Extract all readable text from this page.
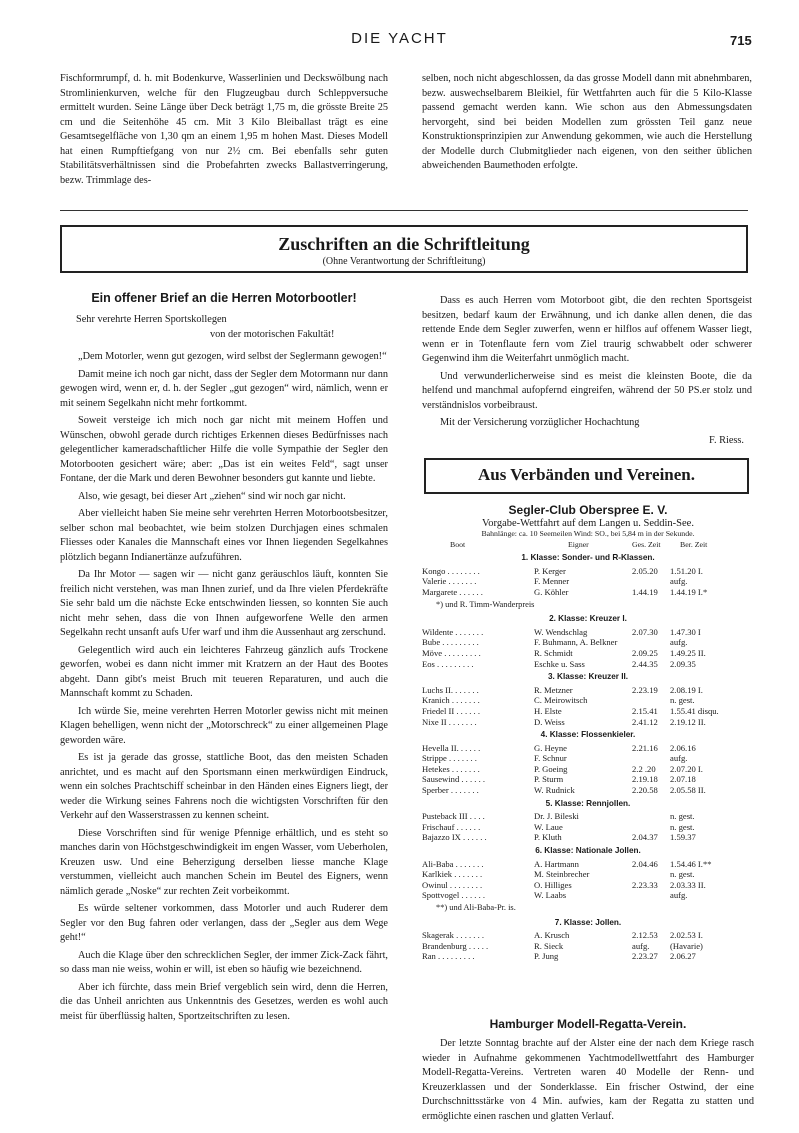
DIE YACHT	715

Fischformrumpf, d. h. mit Bodenkurve, Wasserlinien und Deckswölbung nach Stromlinienkurven, welche für den Flugzeugbau durch Schleppversuche ermittelt wurden. Seine Länge über Deck beträgt 1,75 m, die grösste Breite 25 cm und die Seitenhöhe 45 cm. Mit 3 Kilo Bleiballast trägt es eine Gesamtsegelfläche von 1,30 qm an einem 1,95 m hohen Mast. Dieses Modell hat einen Rumpftiefgang von nur 2½ cm. Bei ebenfalls sehr guten Stabilitätsverhältnissen sind die Probefahrten zwecks Ballastverringerung, bezw. Trimmlage des-

selben, noch nicht abgeschlossen, da das grosse Modell dann mit abnehmbaren, bezw. auswechselbarem Bleikiel, für Wettfahrten auch für die 5 Kilo-Klasse passend gemacht werden kann. Wie schon aus den Abmessungsdaten hervorgeht, sind bei beiden Modellen zum grössten Teil ganz neue Konstruktionsprinzipien zur Anwendung gekommen, wie auch die Herstellung der Modelle durch Clubmitglieder nach eigenen, von den seither üblichen abweichenden Baumethoden erfolgte.

Zuschriften an die Schriftleitung
(Ohne Verantwortung der Schriftleitung)
Ein offener Brief an die Herren Motorbootler!
Sehr verehrte Herren Sportskollegen
von der motorischen Fakultät!

„Dem Motorler, wenn gut gezogen, wird selbst der Seglermann gewogen!“

Damit meine ich noch gar nicht, dass der Segler dem Motormann nur dann gewogen wird, wenn er, d. h. der Segler „gut gezogen“ wird, nämlich, wenn er mit seinem Segelkahn nicht mehr fortkommt.

Soweit versteige ich mich noch gar nicht mit meinem Hoffen und Wünschen, obwohl gerade durch richtiges Erkennen dieses Bedürfnisses nach gelegentlicher kameradschaftlicher Hilfe die volle Sympathie der Segler den Motorbooten gesichert wäre; aber: „Das ist ein weites Feld“, sagt unser Fontane, der die Mark und deren Bewohner besonders gut kannte und liebte.

Also, wie gesagt, bei dieser Art „ziehen“ sind wir noch gar nicht.

Aber vielleicht haben Sie meine sehr verehrten Herren Motorbootsbesitzer, selber schon mal beobachtet, wie beim stolzen Durchjagen eines schmalen Fliesses oder Kanales die Mannschaft eines vor Ihnen liegenden Segelkahnes plötzlich begann Indianertänze aufzuführen.

Da Ihr Motor — sagen wir — nicht ganz geräuschlos läuft, konnten Sie freilich nicht verstehen, was man Ihnen zurief, und da Ihre vielen Pferdekräfte Sie sehr bald um die nächste Ecke entschwinden liessen, so konnten Sie auch nicht mehr sehen, dass die von Ihnen aufgeworfene Welle den armen Segelkahn recht unsanft aufs Ufer warf und ihm die Aussenhaut arg zerschund.

Gelegentlich wird auch ein leichteres Fahrzeug gänzlich aufs Trockene geworfen, wobei es dann nicht immer mit Kratzern an der Haut des Bootes abgeht. Dann gibt's meist Bruch mit teueren Reparaturen, und auch die Mannschaft kommt zu Schaden.

Ich würde Sie, meine verehrten Herren Motorler gewiss nicht mit meinen Klagen behelligen, wenn nicht der „Motorschreck“ zu einer allgemeinen Plage geworden wäre.

Es ist ja gerade das grosse, stattliche Boot, das den meisten Schaden anrichtet, und es macht auf den Sportsmann einen merkwürdigen Eindruck, wenn ein solches Prachtschiff scheinbar in den Händen eines Eigners liegt, der weder die Wirkung seines Fahrens noch die wichtigsten Vorschriften für den Verkehr auf den Wasserstrassen zu kennen scheint.

Diese Vorschriften sind für wenige Pfennige erhältlich, und es steht so manches darin von Höchstgeschwindigkeit im engen Wasser, vom Ueberholen, Kreuzen usw. Und eine Beherzigung derselben liesse manche Klage verstummen, vielleicht auch manchen Schein im Beutel des Eigners, wenn nämlich gerade „Noske“ zur rechten Zeit vorbeikommt.

Es würde seltener vorkommen, dass Motorler und auch Ruderer dem Segler vor den Bug fahren oder verlangen, dass der „Segler aus dem Wege geht!“

Auch die Klage über den schrecklichen Segler, der immer Zick-Zack fährt, so dass man nie weiss, wohin er will, ist eben so häufig wie bezeichnend.

Aber ich fürchte, dass mein Brief vergeblich sein wird, denn die Herren, die das Unheil anrichten aus Unkenntnis des Gesetzes, werden es wohl auch meist für überflüssig halten, Sportzeitschriften zu lesen.

Dass es auch Herren vom Motorboot gibt, die den rechten Sportsgeist besitzen, bedarf kaum der Erwähnung, und ich danke allen denen, die das rettende Ende dem Segler zuwerfen, wenn er hilflos auf offenem Wasser liegt, wenn er in Totenflaute fern vom Ziel traurig schwabbelt oder schwerer Gegenwind ihm die Weiterfahrt unmöglich macht.

Und verwunderlicherweise sind es meist die kleinsten Boote, die da helfend und manchmal aufopfernd eingreifen, während der 50 PS.er stolz und verständnislos vorbeibraust.

Mit der Versicherung vorzüglicher Hochachtung

F. Riess.
Aus Verbänden und Vereinen.
Segler-Club Oberspree E. V.
Vorgabe-Wettfahrt auf dem Langen u. Seddin-See.
Bahnlänge: ca. 10 Seemeilen Wind: SO., bei 5,84 m in der Sekunde.
Boot	Eigner	Ges. Zeit	Ber. Zeit
1. Klasse: Sonder- und R-Klassen.
Kongo . . . . . . . .	P. Kerger	2.05.20	1.51.20 I.
Valerie . . . . . . .	F. Menner	aufg.
Margarete . . . . . .	G. Köhler	1.44.19	1.44.19 I.*
*) und R. Timm-Wanderpreis
2. Klasse: Kreuzer I.
Wildente . . . . . . .	W. Wendschlag	2.07.30	1.47.30 I
Bube . . . . . . . . .	F. Buhmann, A. Belkner	aufg.
Möve . . . . . . . . .	R. Schmidt	2.09.25	1.49.25 II.
Eos . . . . . . . . .	Eschke u. Sass	2.44.35	2.09.35
3. Klasse: Kreuzer II.
Luchs II. . . . . . .	R. Metzner	2.23.19	2.08.19 I.
Kranich . . . . . . .	C. Meirowitsch	n. gest.
Friedel II . . . . . .	H. Elste	2.15.41	1.55.41 disqu.
Nixe II . . . . . . .	D. Weiss	2.41.12	2.19.12 II.
4. Klasse: Flossenkieler.
Hevella II. . . . . .	G. Heyne	2.21.16	2.06.16
Strippe . . . . . . .	F. Schnur	aufg.
Hetekes . . . . . . .	P. Goeing	2.2 .20	2.07.20 I.
Sausewind . . . . . .	P. Sturm	2.19.18	2.07.18
Sperber . . . . . . .	W. Rudnick	2.20.58	2.05.58 II.
5. Klasse: Rennjollen.
Pusteback III . . . .	Dr. J. Bileski	n. gest.
Frischauf . . . . . .	W. Laue	n. gest.
Bajazzo IX . . . . . .	P. Kluth	2.04.37	1.59.37
6. Klasse: Nationale Jollen.
Ali-Baba . . . . . . .	A. Hartmann	2.04.46	1.54.46 I.**
Karlkiek . . . . . . .	M. Steinbrecher	n. gest.
Owinul . . . . . . . .	O. Hilliges	2.23.33	2.03.33 II.
Spottvogel . . . . . .	W. Laabs	aufg.
**) und Ali-Baba-Pr. is.
7. Klasse: Jollen.
Skagerak . . . . . . .	A. Krusch	2.12.53	2.02.53 I.
Brandenburg . . . . .	R. Sieck	aufg.	(Havarie)
Ran . . . . . . . . .	P. Jung	2.23.27	2.06.27
Hamburger Modell-Regatta-Verein.

Der letzte Sonntag brachte auf der Alster eine der nach dem Kriege rasch wieder in Aufnahme gekommenen Yachtmodellwettfahrt des Hamburger Modell-Regatta-Vereins. Vertreten waren 40 Modelle der Renn- und Kreuzerklassen und der Sonderklasse. Ein frischer Ostwind, der eine Durchschnittsstärke von 4 Min. aufwies, kam der Regatta zu statten und ermöglichte einen raschen und glatten Verlauf.
